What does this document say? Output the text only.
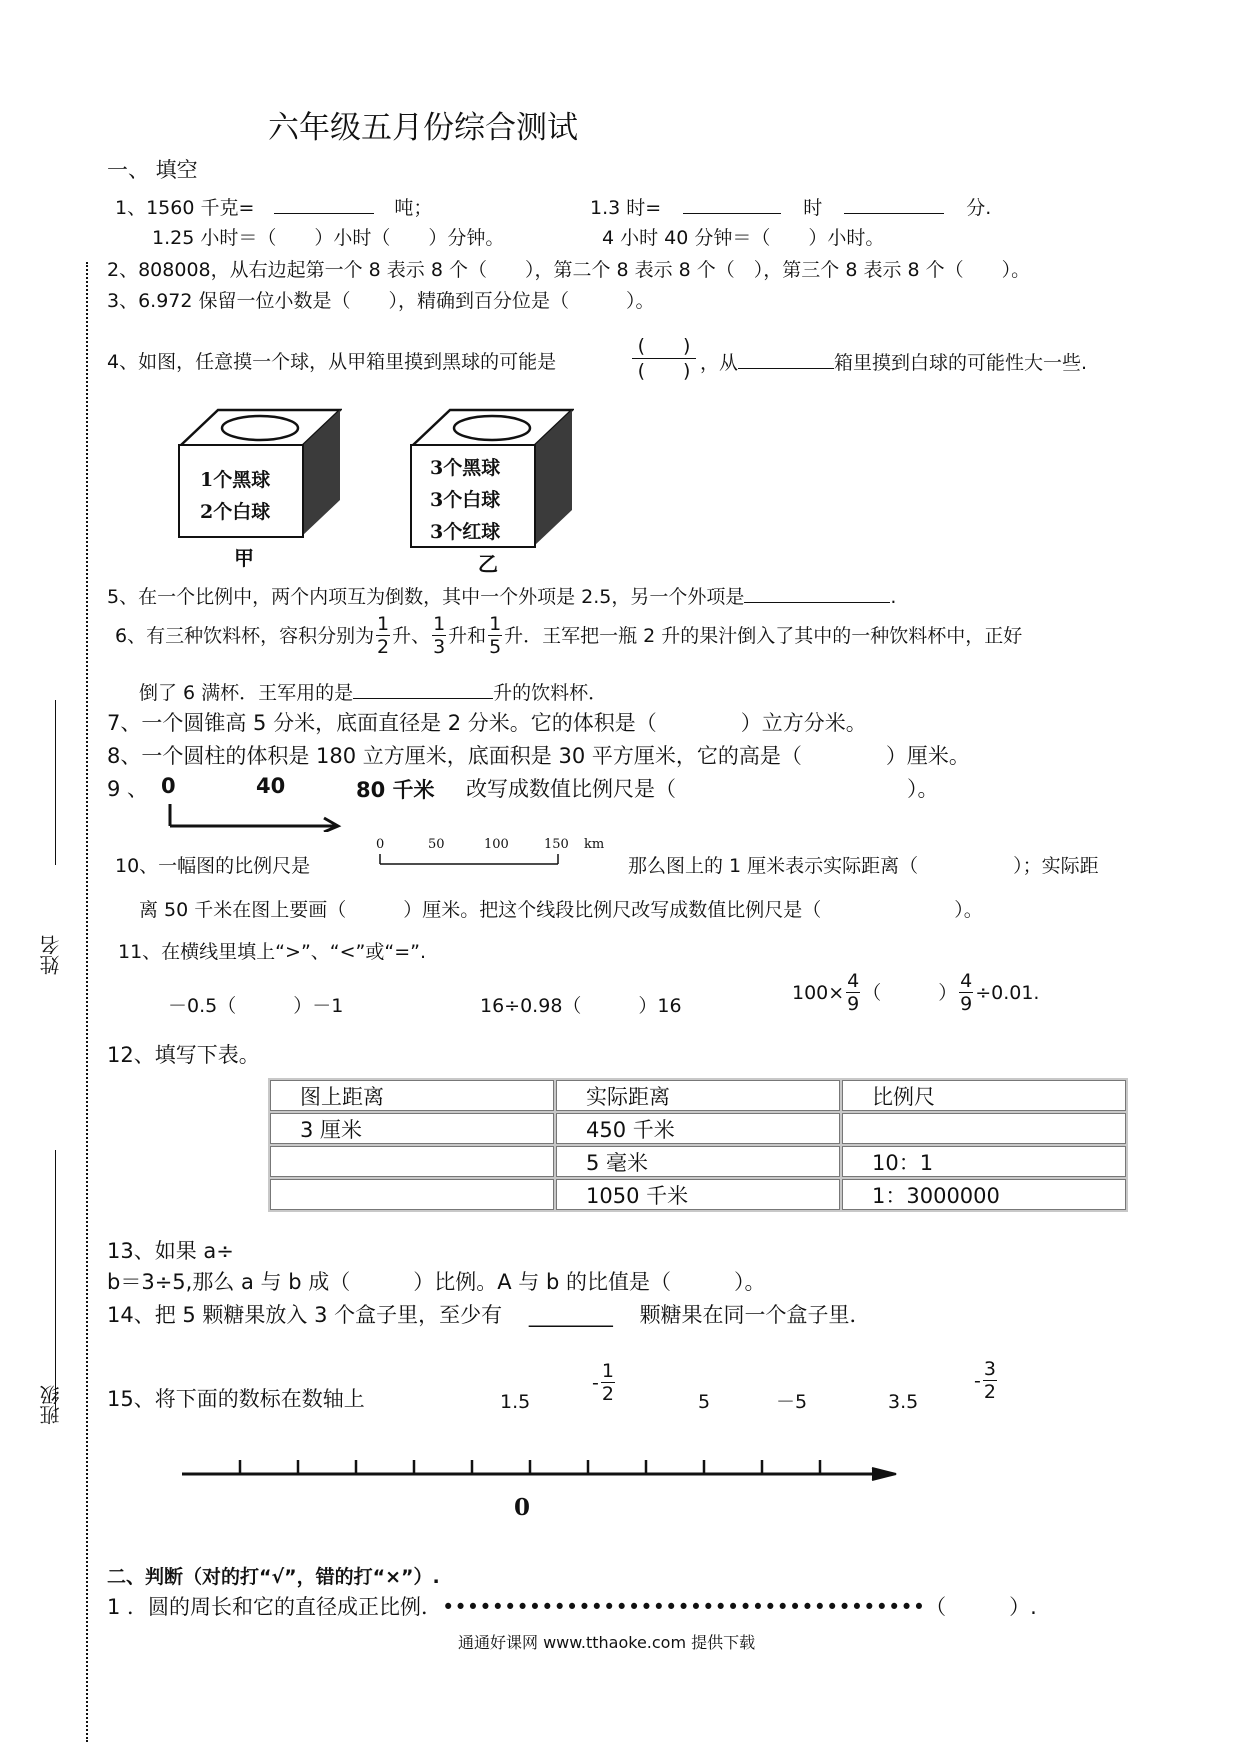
姓名
班级
六年级五月份综合测试
一、 填空
1、1560 千克=	吨；	1.3 时=	时	分.
1.25 小时＝（　　）小时（　　）分钟。	4 小时 40 分钟＝（　　）小时。
2、808008，从右边起第一个 8 表示 8 个（　　），第二个 8 表示 8 个（　），第三个 8 表示 8 个（　　）。
3、6.972 保留一位小数是（　　），精确到百分位是（　　　）。
4、如图，任意摸一个球，从甲箱里摸到黑球的可能是
(　　)
(　　) ，从	箱里摸到白球的可能性大一些.
1个黑球
2个白球
甲
3个黑球
3个白球
3个红球
乙
5、在一个比例中，两个内项互为倒数，其中一个外项是 2.5，另一个外项是	.
6、有三种饮料杯，容积分别为 $\frac{1}{2}$ 升、 $\frac{1}{3}$ 升和 $\frac{1}{5}$ 升．王军把一瓶 2 升的果汁倒入了其中的一种饮料杯中，正好
倒了 6 满杯．王军用的是	升的饮料杯．
7、一个圆锥高 5 分米，底面直径是 2 分米。它的体积是（　　　　）立方分米。
8、一个圆柱的体积是 180 立方厘米，底面积是 30 平方厘米，它的高是（　　　　）厘米。
9 、 0	40	80 千米 改写成数值比例尺是（　　　　　　　　　　　）。
10、一幅图的比例尺是
0	50	100	150 km
那么图上的 1 厘米表示实际距离（　　　　　）；实际距
离 50 千米在图上要画（　　　）厘米。把这个线段比例尺改写成数值比例尺是（　　　　　　　）。
11、在横线里填上“>”、“<”或“=”.
－0.5（　　　）－1	16÷0.98（　　　）16
$100\times \frac{4}{9}$ （　　　） $\frac{4}{9} \div 0.01$.
12、填写下表。
图上距离	实际距离	比例尺
3 厘米	450 千米	
	5 毫米	10：1
	1050 千米	1：3000000
13、如果 a÷
b＝3÷5,那么 a 与 b 成（　　　）比例。A 与 b 的比值是（　　　）。
14、把 5 颗糖果放入 3 个盒子里，至少有 ________ 颗糖果在同一个盒子里．
15、将下面的数标在数轴上	1.5
- $\frac{1}{2}$	5	－5	3.5
- $\frac{3}{2}$
0
二、判断（对的打“√”，错的打“×”）.
1 ．圆的周长和它的直径成正比例．•••••••••••••••••••••••••••••••••••••••（　　　）.
通通好课网 www.tthaoke.com 提供下载
